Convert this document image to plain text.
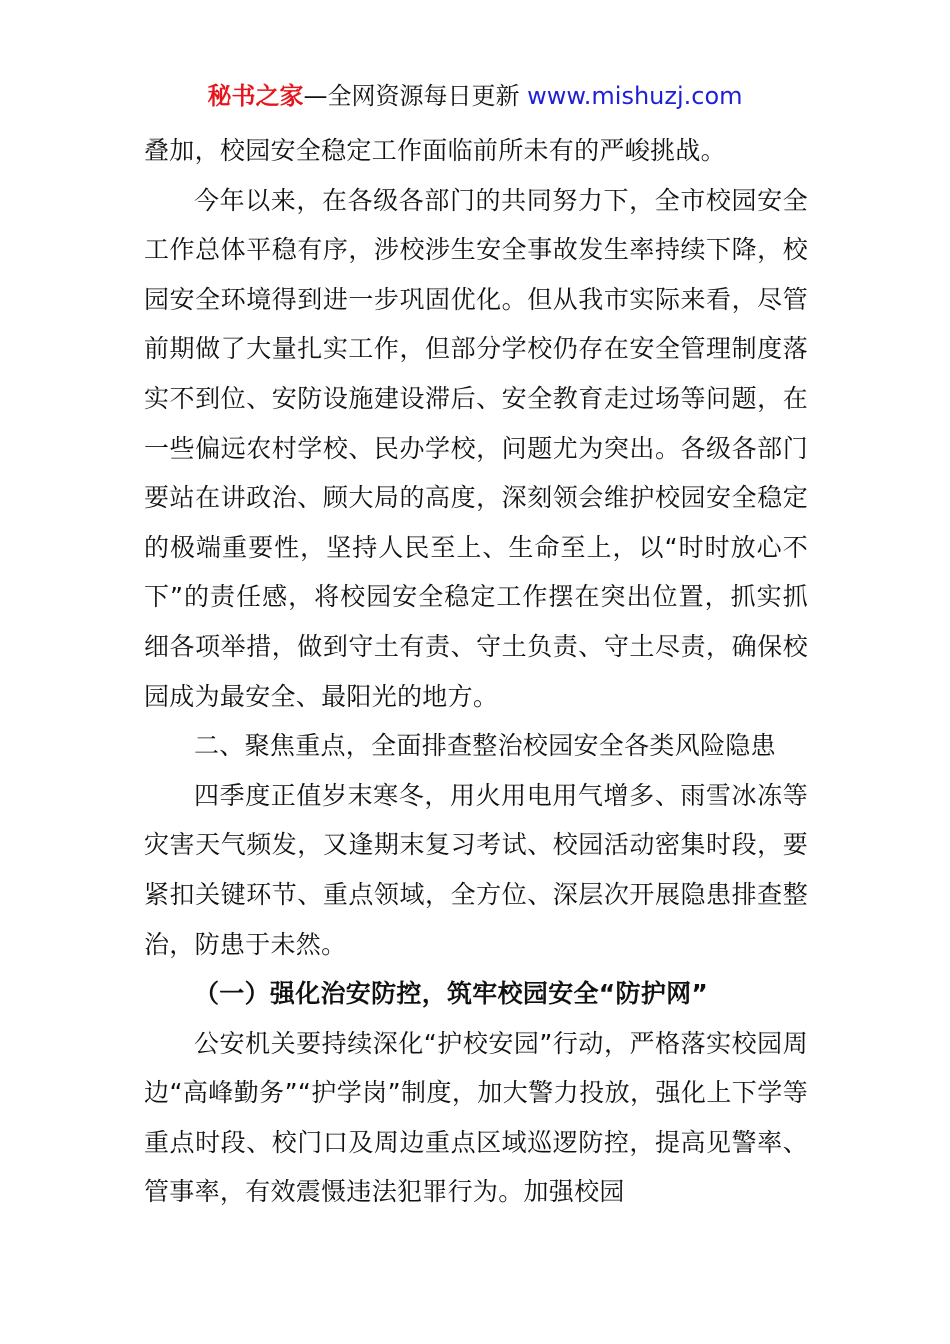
秘书之家—全网资源每日更新 www.mishuzj.com

叠加，校园安全稳定工作面临前所未有的严峻挑战。

今年以来，在各级各部门的共同努力下，全市校园安全工作总体平稳有序，涉校涉生安全事故发生率持续下降，校园安全环境得到进一步巩固优化。但从我市实际来看，尽管前期做了大量扎实工作，但部分学校仍存在安全管理制度落实不到位、安防设施建设滞后、安全教育走过场等问题，在一些偏远农村学校、民办学校，问题尤为突出。各级各部门要站在讲政治、顾大局的高度，深刻领会维护校园安全稳定的极端重要性，坚持人民至上、生命至上，以“时时放心不下”的责任感，将校园安全稳定工作摆在突出位置，抓实抓细各项举措，做到守土有责、守土负责、守土尽责，确保校园成为最安全、最阳光的地方。

二、聚焦重点，全面排查整治校园安全各类风险隐患

四季度正值岁末寒冬，用火用电用气增多、雨雪冰冻等灾害天气频发，又逢期末复习考试、校园活动密集时段，要紧扣关键环节、重点领域，全方位、深层次开展隐患排查整治，防患于未然。

（一）强化治安防控，筑牢校园安全“防护网”

公安机关要持续深化“护校安园”行动，严格落实校园周边“高峰勤务”“护学岗”制度，加大警力投放，强化上下学等重点时段、校门口及周边重点区域巡逻防控，提高见警率、管事率，有效震慑违法犯罪行为。加强校园
